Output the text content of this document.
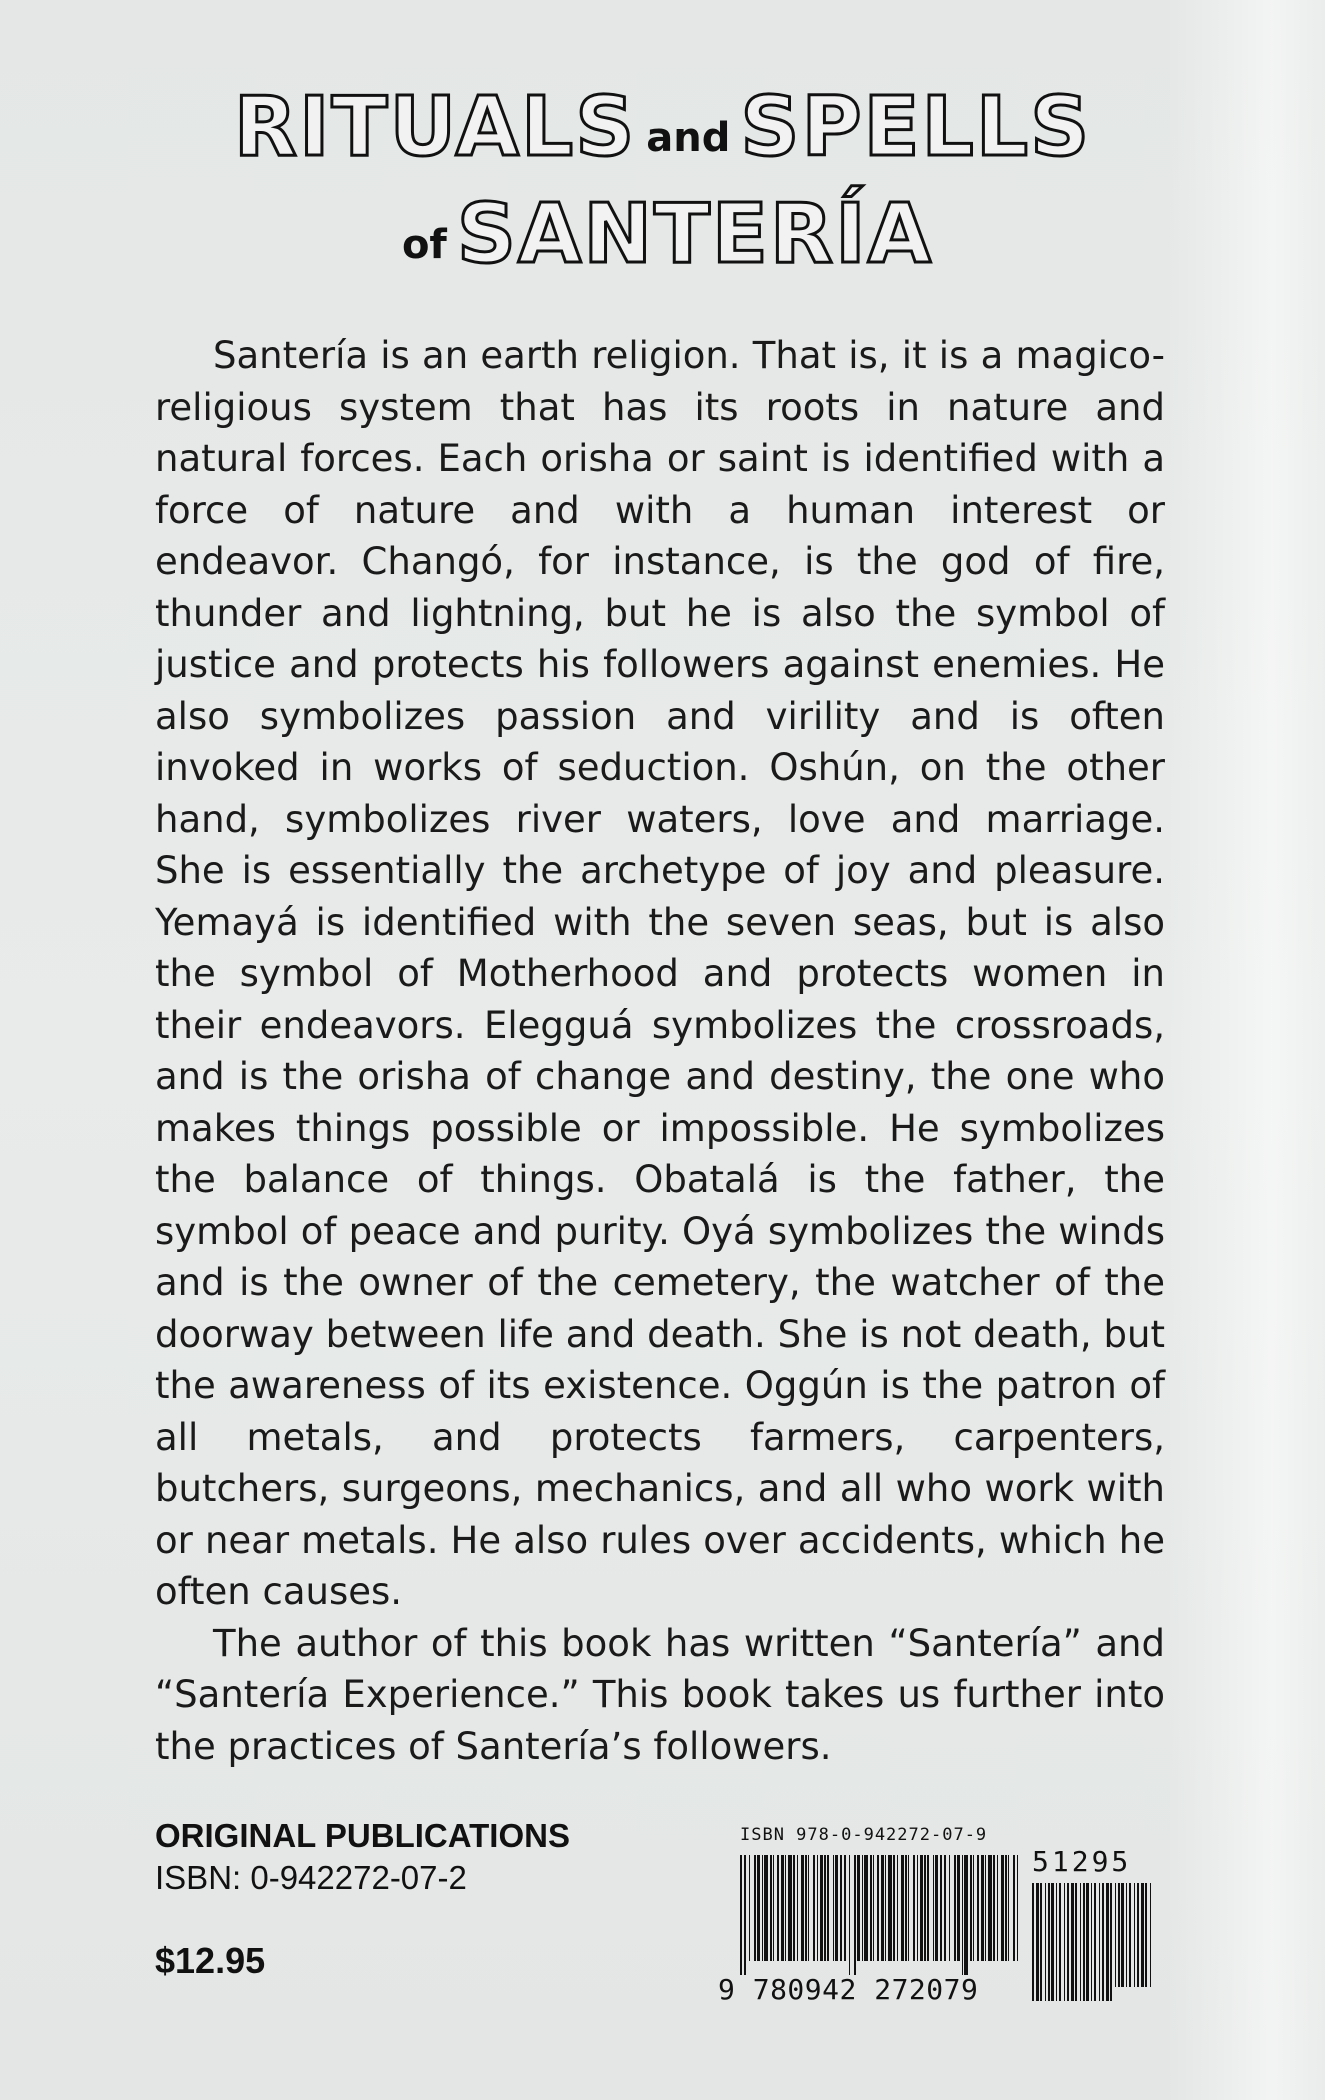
RITUALS and SPELLS
of SANTERÍA

Santería is an earth religion. That is, it is a magico-religious system that has its roots in nature and natural forces. Each orisha or saint is identified with a force of nature and with a human interest or endeavor. Changó, for instance, is the god of fire, thunder and lightning, but he is also the symbol of justice and protects his followers against enemies. He also symbolizes passion and virility and is often invoked in works of seduction. Oshún, on the other hand, symbolizes river waters, love and marriage. She is essentially the archetype of joy and pleasure. Yemayá is identified with the seven seas, but is also the symbol of Motherhood and protects women in their endeavors. Elegguá symbolizes the crossroads, and is the orisha of change and destiny, the one who makes things possible or impossible. He symbolizes the balance of things. Obatalá is the father, the symbol of peace and purity. Oyá symbolizes the winds and is the owner of the cemetery, the watcher of the doorway between life and death. She is not death, but the awareness of its existence. Oggún is the patron of all metals, and protects farmers, carpenters, butchers, surgeons, mechanics, and all who work with or near metals. He also rules over accidents, which he often causes.

The author of this book has written “Santería” and “Santería Experience.” This book takes us further into the practices of Santería’s followers.

ORIGINAL PUBLICATIONS
ISBN: 0-942272-07-2
$12.95
ISBN 978-0-942272-07-9
51295
9 780942 272079
